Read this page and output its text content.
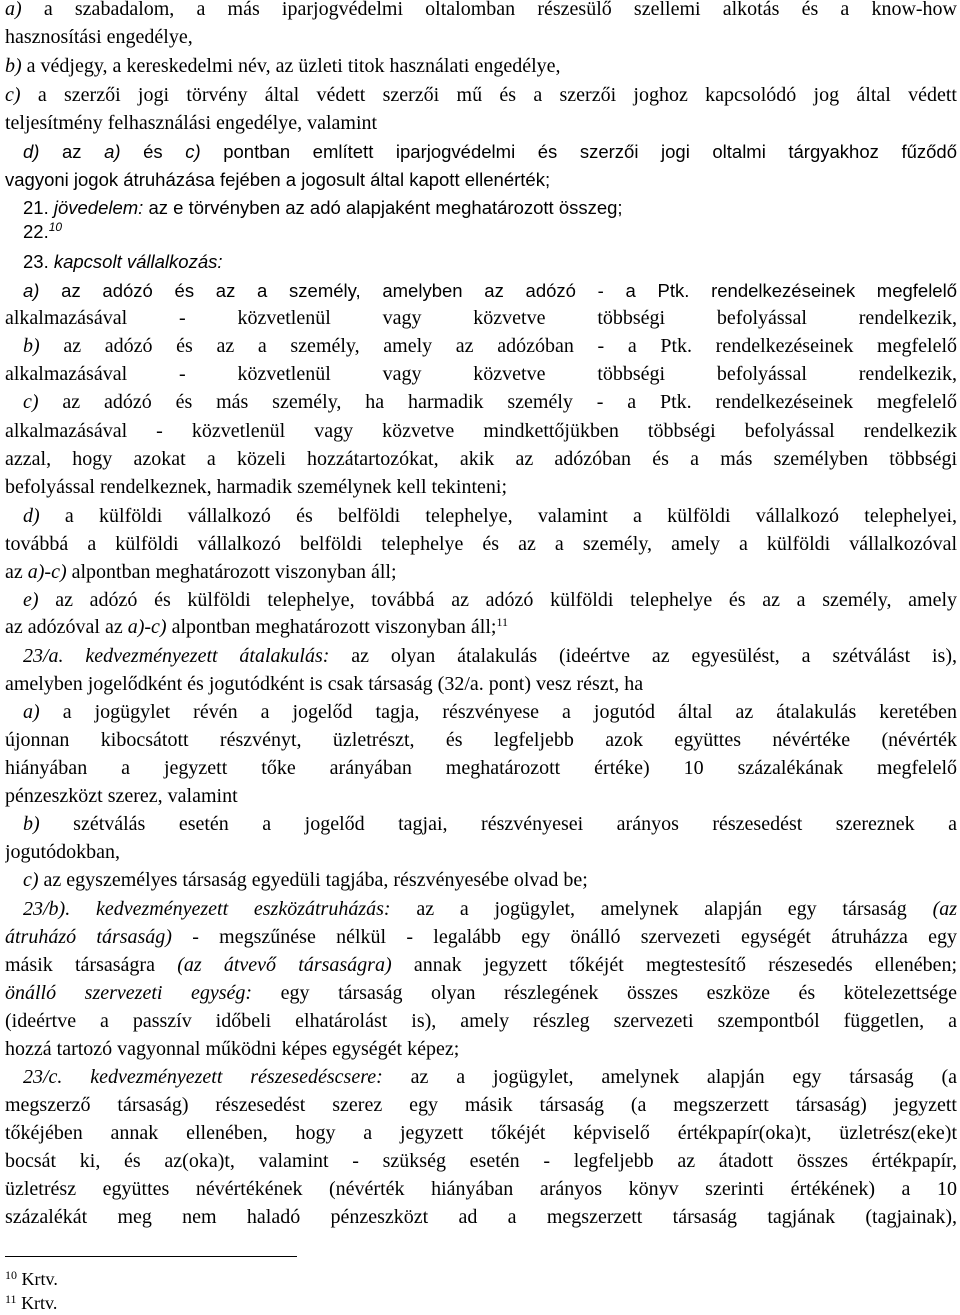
a) a szabadalom, a más iparjogvédelmi oltalomban részesülő szellemi alkotás és a know-how
hasznosítási engedélye,
b) a védjegy, a kereskedelmi név, az üzleti titok használati engedélye,
c) a szerzői jogi törvény által védett szerzői mű és a szerzői joghoz kapcsolódó jog által védett
teljesítmény felhasználási engedélye, valamint
d) az a) és c) pontban említett iparjogvédelmi és szerzői jogi oltalmi tárgyakhoz fűződő
vagyoni jogok átruházása fejében a jogosult által kapott ellenérték;
21. jövedelem: az e törvényben az adó alapjaként meghatározott összeg;
22.10
23. kapcsolt vállalkozás:
a) az adózó és az a személy, amelyben az adózó - a Ptk. rendelkezéseinek megfelelő
alkalmazásával - közvetlenül vagy közvetve többségi befolyással rendelkezik,
b) az adózó és az a személy, amely az adózóban - a Ptk. rendelkezéseinek megfelelő
alkalmazásával - közvetlenül vagy közvetve többségi befolyással rendelkezik,
c) az adózó és más személy, ha harmadik személy - a Ptk. rendelkezéseinek megfelelő
alkalmazásával - közvetlenül vagy közvetve mindkettőjükben többségi befolyással rendelkezik
azzal, hogy azokat a közeli hozzátartozókat, akik az adózóban és a más személyben többségi
befolyással rendelkeznek, harmadik személynek kell tekinteni;
d) a külföldi vállalkozó és belföldi telephelye, valamint a külföldi vállalkozó telephelyei,
továbbá a külföldi vállalkozó belföldi telephelye és az a személy, amely a külföldi vállalkozóval
az a)-c) alpontban meghatározott viszonyban áll;
e) az adózó és külföldi telephelye, továbbá az adózó külföldi telephelye és az a személy, amely
az adózóval az a)-c) alpontban meghatározott viszonyban áll;$^{11}$
23/a. kedvezményezett átalakulás: az olyan átalakulás (ideértve az egyesülést, a szétválást is),
amelyben jogelődként és jogutódként is csak társaság (32/a. pont) vesz részt, ha
a) a jogügylet révén a jogelőd tagja, részvényese a jogutód által az átalakulás keretében
újonnan kibocsátott részvényt, üzletrészt, és legfeljebb azok együttes névértéke (névérték
hiányában a jegyzett tőke arányában meghatározott értéke) 10 százalékának megfelelő
pénzeszközt szerez, valamint
b) szétválás esetén a jogelőd tagjai, részvényesei arányos részesedést szereznek a
jogutódokban,
c) az egyszemélyes társaság egyedüli tagjába, részvényesébe olvad be;
23/b). kedvezményezett eszközátruházás: az a jogügylet, amelynek alapján egy társaság (az
átruházó társaság) - megszűnése nélkül - legalább egy önálló szervezeti egységét átruházza egy
másik társaságra (az átvevő társaságra) annak jegyzett tőkéjét megtestesítő részesedés ellenében;
önálló szervezeti egység: egy társaság olyan részlegének összes eszköze és kötelezettsége
(ideértve a passzív időbeli elhatárolást is), amely részleg szervezeti szempontból független, a
hozzá tartozó vagyonnal működni képes egységét képez;
23/c. kedvezményezett részesedéscsere: az a jogügylet, amelynek alapján egy társaság (a
megszerző társaság) részesedést szerez egy másik társaság (a megszerzett társaság) jegyzett
tőkéjében annak ellenében, hogy a jegyzett tőkéjét képviselő értékpapír(oka)t, üzletrész(eke)t
bocsát ki, és az(oka)t, valamint - szükség esetén - legfeljebb az átadott összes értékpapír,
üzletrész együttes névértékének (névérték hiányában arányos könyv szerinti értékének) a 10
százalékát meg nem haladó pénzeszközt ad a megszerzett társaság tagjának (tagjainak),
$^{10}$ Krtv.
$^{11}$ Krtv.
